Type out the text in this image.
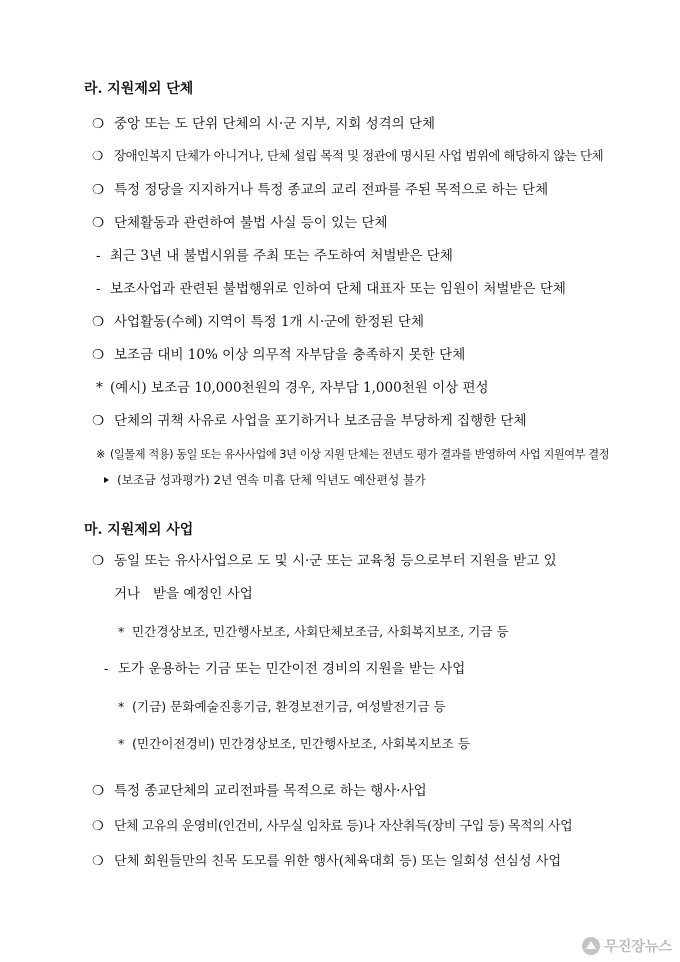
라. 지원제외 단체
❍ 중앙 또는 도 단위 단체의 시·군 지부, 지회 성격의 단체
❍ 장애인복지 단체가 아니거나, 단체 설립 목적 및 정관에 명시된 사업 범위에 해당하지 않는 단체
❍ 특정 정당을 지지하거나 특정 종교의 교리 전파를 주된 목적으로 하는 단체
❍ 단체활동과 관련하여 불법 사실 등이 있는 단체
- 최근 3년 내 불법시위를 주최 또는 주도하여 처벌받은 단체
- 보조사업과 관련된 불법행위로 인하여 단체 대표자 또는 임원이 처벌받은 단체
❍ 사업활동(수혜) 지역이 특정 1개 시·군에 한정된 단체
❍ 보조금 대비 10% 이상 의무적 자부담을 충족하지 못한 단체
* (예시) 보조금 10,000천원의 경우, 자부담 1,000천원 이상 편성
❍ 단체의 귀책 사유로 사업을 포기하거나 보조금을 부당하게 집행한 단체
※ (일몰제 적용) 동일 또는 유사사업에 3년 이상 지원 단체는 전년도 평가 결과를 반영하여 사업 지원여부 결정
(보조금 성과평가) 2년 연속 미흡 단체 익년도 예산편성 불가
마. 지원제외 사업
❍ 동일 또는 유사사업으로 도 및 시·군 또는 교육청 등으로부터 지원을 받고 있
거나   받을 예정인 사업
* 민간경상보조, 민간행사보조, 사회단체보조금, 사회복지보조, 기금 등
- 도가 운용하는 기금 또는 민간이전 경비의 지원을 받는 사업
* (기금) 문화예술진흥기금, 환경보전기금, 여성발전기금 등
* (민간이전경비) 민간경상보조, 민간행사보조, 사회복지보조 등
❍ 특정 종교단체의 교리전파를 목적으로 하는 행사·사업
❍ 단체 고유의 운영비(인건비, 사무실 임차료 등)나 자산취득(장비 구입 등) 목적의 사업
❍ 단체 회원들만의 친목 도모를 위한 행사(체육대회 등) 또는 일회성 선심성 사업
무진장뉴스
